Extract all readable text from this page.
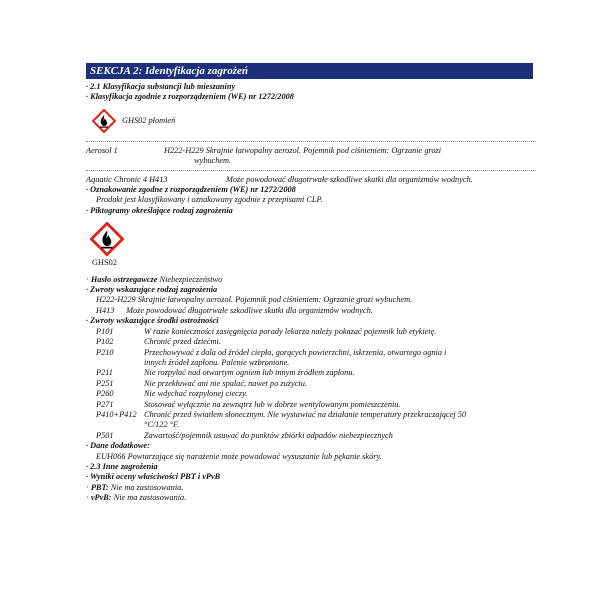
SEKCJA 2: Identyfikacja zagrożeń
· 2.1 Klasyfikacja substancji lub mieszaniny
· Klasyfikacja zgodnie z rozporządzeniem (WE) nr 1272/2008
GHS02 płomień
Aerosol 1	H222-H229 Skrajnie łatwopalny aerozol. Pojemnik pod ciśnieniem: Ogrzanie grozi
wybuchem.
Aquatic Chronic 4 H413	Może powodować długotrwałe szkodliwe skutki dla organizmów wodnych.
· Oznakowanie zgodne z rozporządzeniem (WE) nr 1272/2008
Produkt jest klasyfikowany i oznakowany zgodnie z przepisami CLP.
· Piktogramy określające rodzaj zagrożenia
GHS02
· Hasło ostrzegawcze Niebezpieczeństwo
· Zwroty wskazujące rodzaj zagrożenia
H222-H229 Skrajnie łatwopalny aerozol. Pojemnik pod ciśnieniem: Ogrzanie grozi wybuchem.
H413 Może powodować długotrwałe szkodliwe skutki dla organizmów wodnych.
· Zwroty wskazujące środki ostrożności
P101	W razie konieczności zasięgnięcia porady lekarza należy pokazać pojemnik lub etykietę.
P102	Chronić przed dziećmi.
P210	Przechowywać z dala od źródeł ciepła, gorących powierzchni, iskrzenia, otwartego ognia i
innych źródeł zapłonu. Palenie wzbronione.
P211	Nie rozpylać nad otwartym ogniem lub innym źródłem zapłonu.
P251	Nie przekłuwać ani nie spalać, nawet po zużyciu.
P260	Nie wdychać rozpylonej cieczy.
P271	Stosować wyłącznie na zewnątrz lub w dobrze wentylowanym pomieszczeniu.
P410+P412 Chronić przed światłem słonecznym. Nie wystawiać na działanie temperatury przekraczającej 50
°C/122 °F.
P501	Zawartość/pojemnik usuwać do punktów zbiórki odpadów niebezpiecznych
· Dane dodatkowe:
EUH066 Powtarzające się narażenie może powodować wysuszanie lub pękanie skóry.
· 2.3 Inne zagrożenia
· Wyniki oceny właściwości PBT i vPvB
· PBT: Nie ma zastosowania.
· vPvB: Nie ma zastosowania.
